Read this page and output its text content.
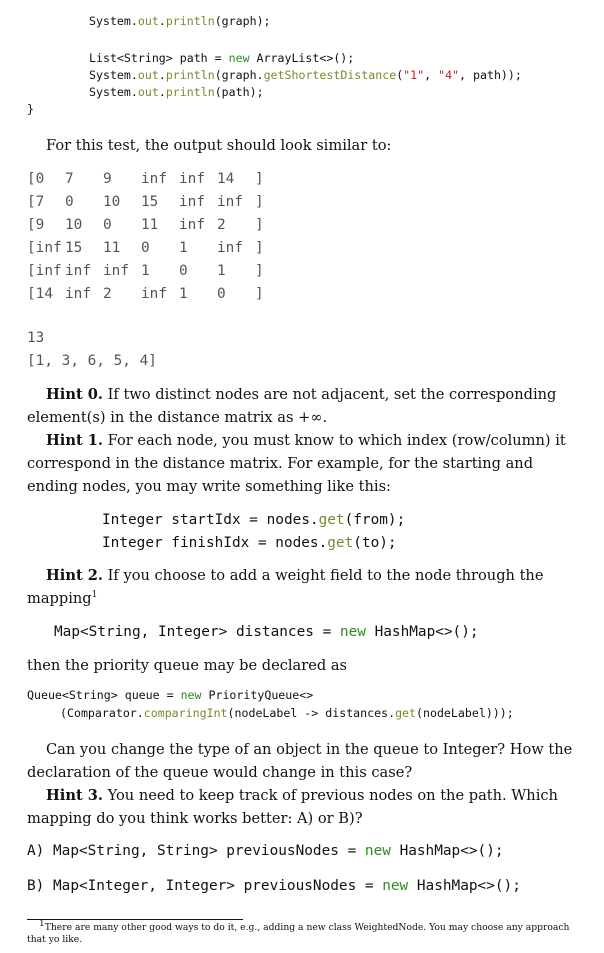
System.out.println(graph);
List<String> path = new ArrayList<>();
System.out.println(graph.getShortestDistance("1", "4", path));
System.out.println(path);
}
For this test, the output should look similar to:
[0 7 9 inf inf 14 ]
[7 0 10 15 inf inf ]
[9 10 0 11 inf 2 ]
[inf 15 11 0 1 inf ]
[inf inf inf 1 0 1 ]
[14 inf 2 inf 1 0 ]
13
[1, 3, 6, 5, 4]
Hint 0. If two distinct nodes are not adjacent, set the corresponding element(s) in the distance matrix as +∞.
Hint 1. For each node, you must know to which index (row/column) it correspond in the distance matrix. For example, for the starting and ending nodes, you may write something like this:
Integer startIdx = nodes.get(from);
Integer finishIdx = nodes.get(to);
Hint 2. If you choose to add a weight field to the node through the mapping$^1$
Map<String, Integer> distances = new HashMap<>();
then the priority queue may be declared as
Queue<String> queue = new PriorityQueue<>
(Comparator.comparingInt(nodeLabel -> distances.get(nodeLabel)));
Can you change the type of an object in the queue to Integer? How the declaration of the queue would change in this case?
Hint 3. You need to keep track of previous nodes on the path. Which mapping do you think works better: A) or B)?
A) Map<String, String> previousNodes = new HashMap<>();
B) Map<Integer, Integer> previousNodes = new HashMap<>();
$^1$There are many other good ways to do it, e.g., adding a new class WeightedNode. You may choose any approach that yo like.
